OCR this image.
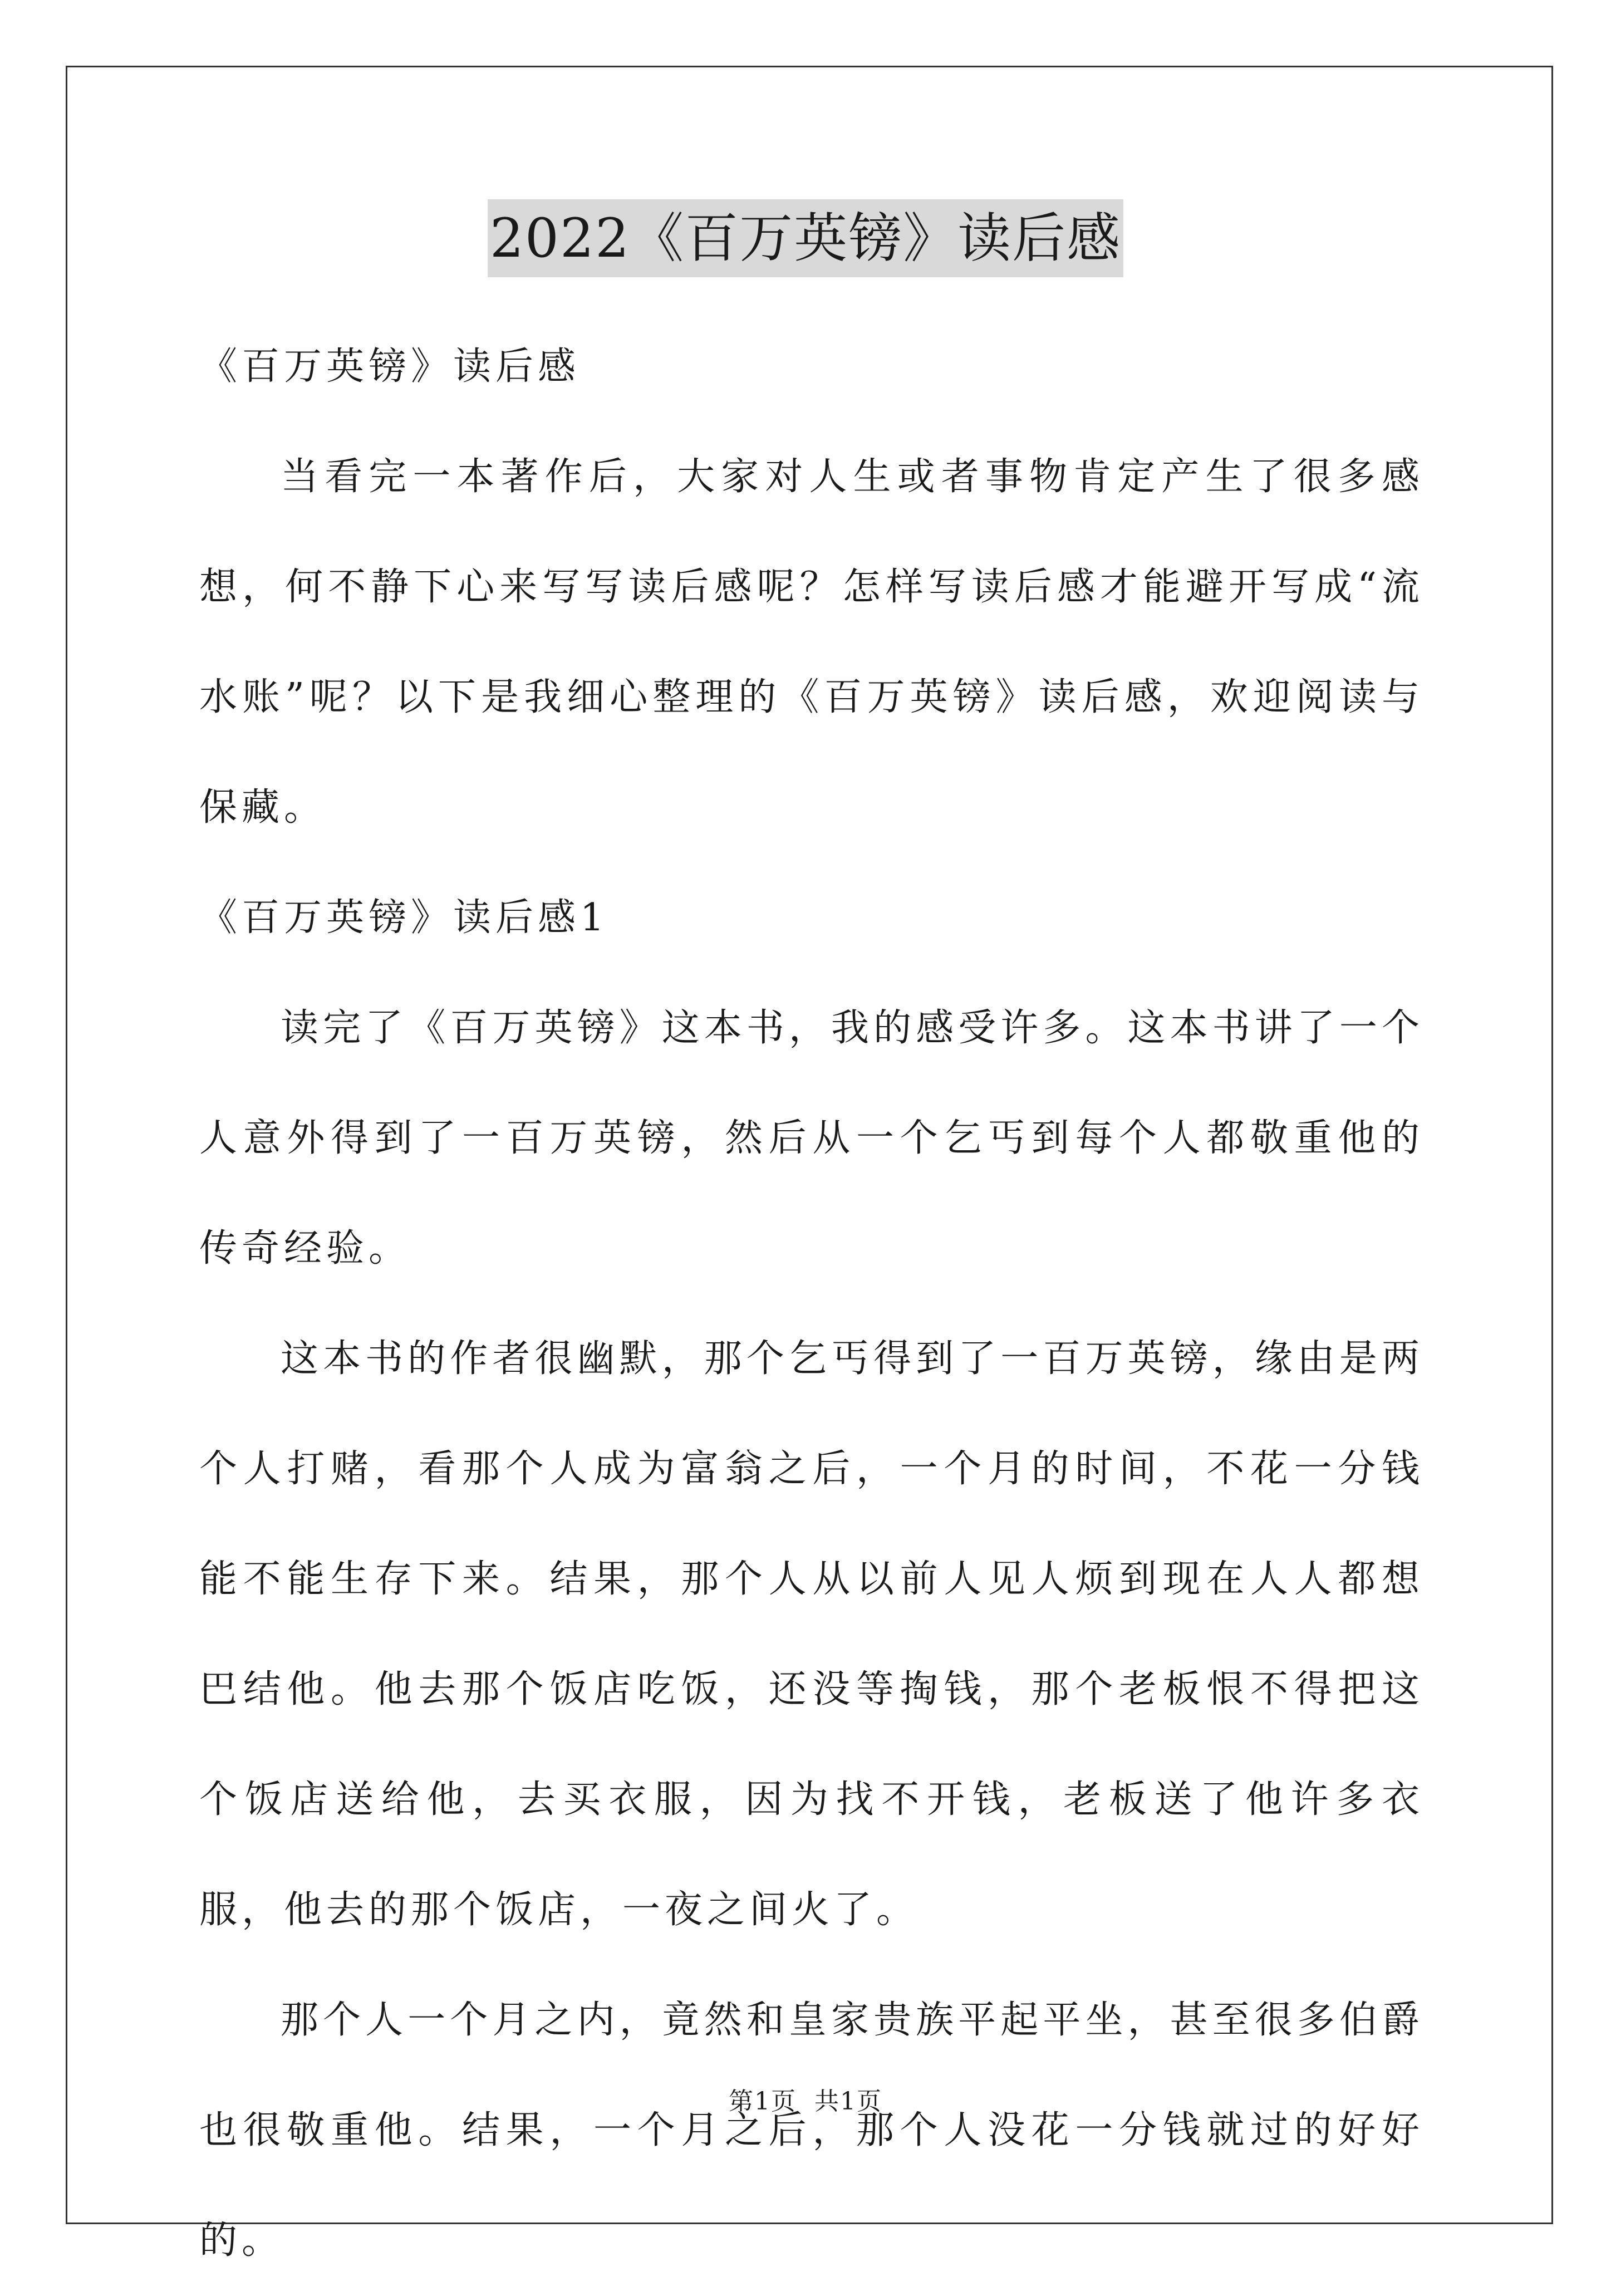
2022《百万英镑》读后感

《百万英镑》读后感

当看完一本著作后，大家对人生或者事物肯定产生了很多感想，何不静下心来写写读后感呢？怎样写读后感才能避开写成“流水账”呢？以下是我细心整理的《百万英镑》读后感，欢迎阅读与保藏。

《百万英镑》读后感1

读完了《百万英镑》这本书，我的感受许多。这本书讲了一个人意外得到了一百万英镑，然后从一个乞丐到每个人都敬重他的传奇经验。

这本书的作者很幽默，那个乞丐得到了一百万英镑，缘由是两个人打赌，看那个人成为富翁之后，一个月的时间，不花一分钱能不能生存下来。结果，那个人从以前人见人烦到现在人人都想巴结他。他去那个饭店吃饭，还没等掏钱，那个老板恨不得把这个饭店送给他，去买衣服，因为找不开钱，老板送了他许多衣服，他去的那个饭店，一夜之间火了。

那个人一个月之内，竟然和皇家贵族平起平坐，甚至很多伯爵也很敬重他。结果，一个月之后，那个人没花一分钱就过的好好的。

第1页 共1页
